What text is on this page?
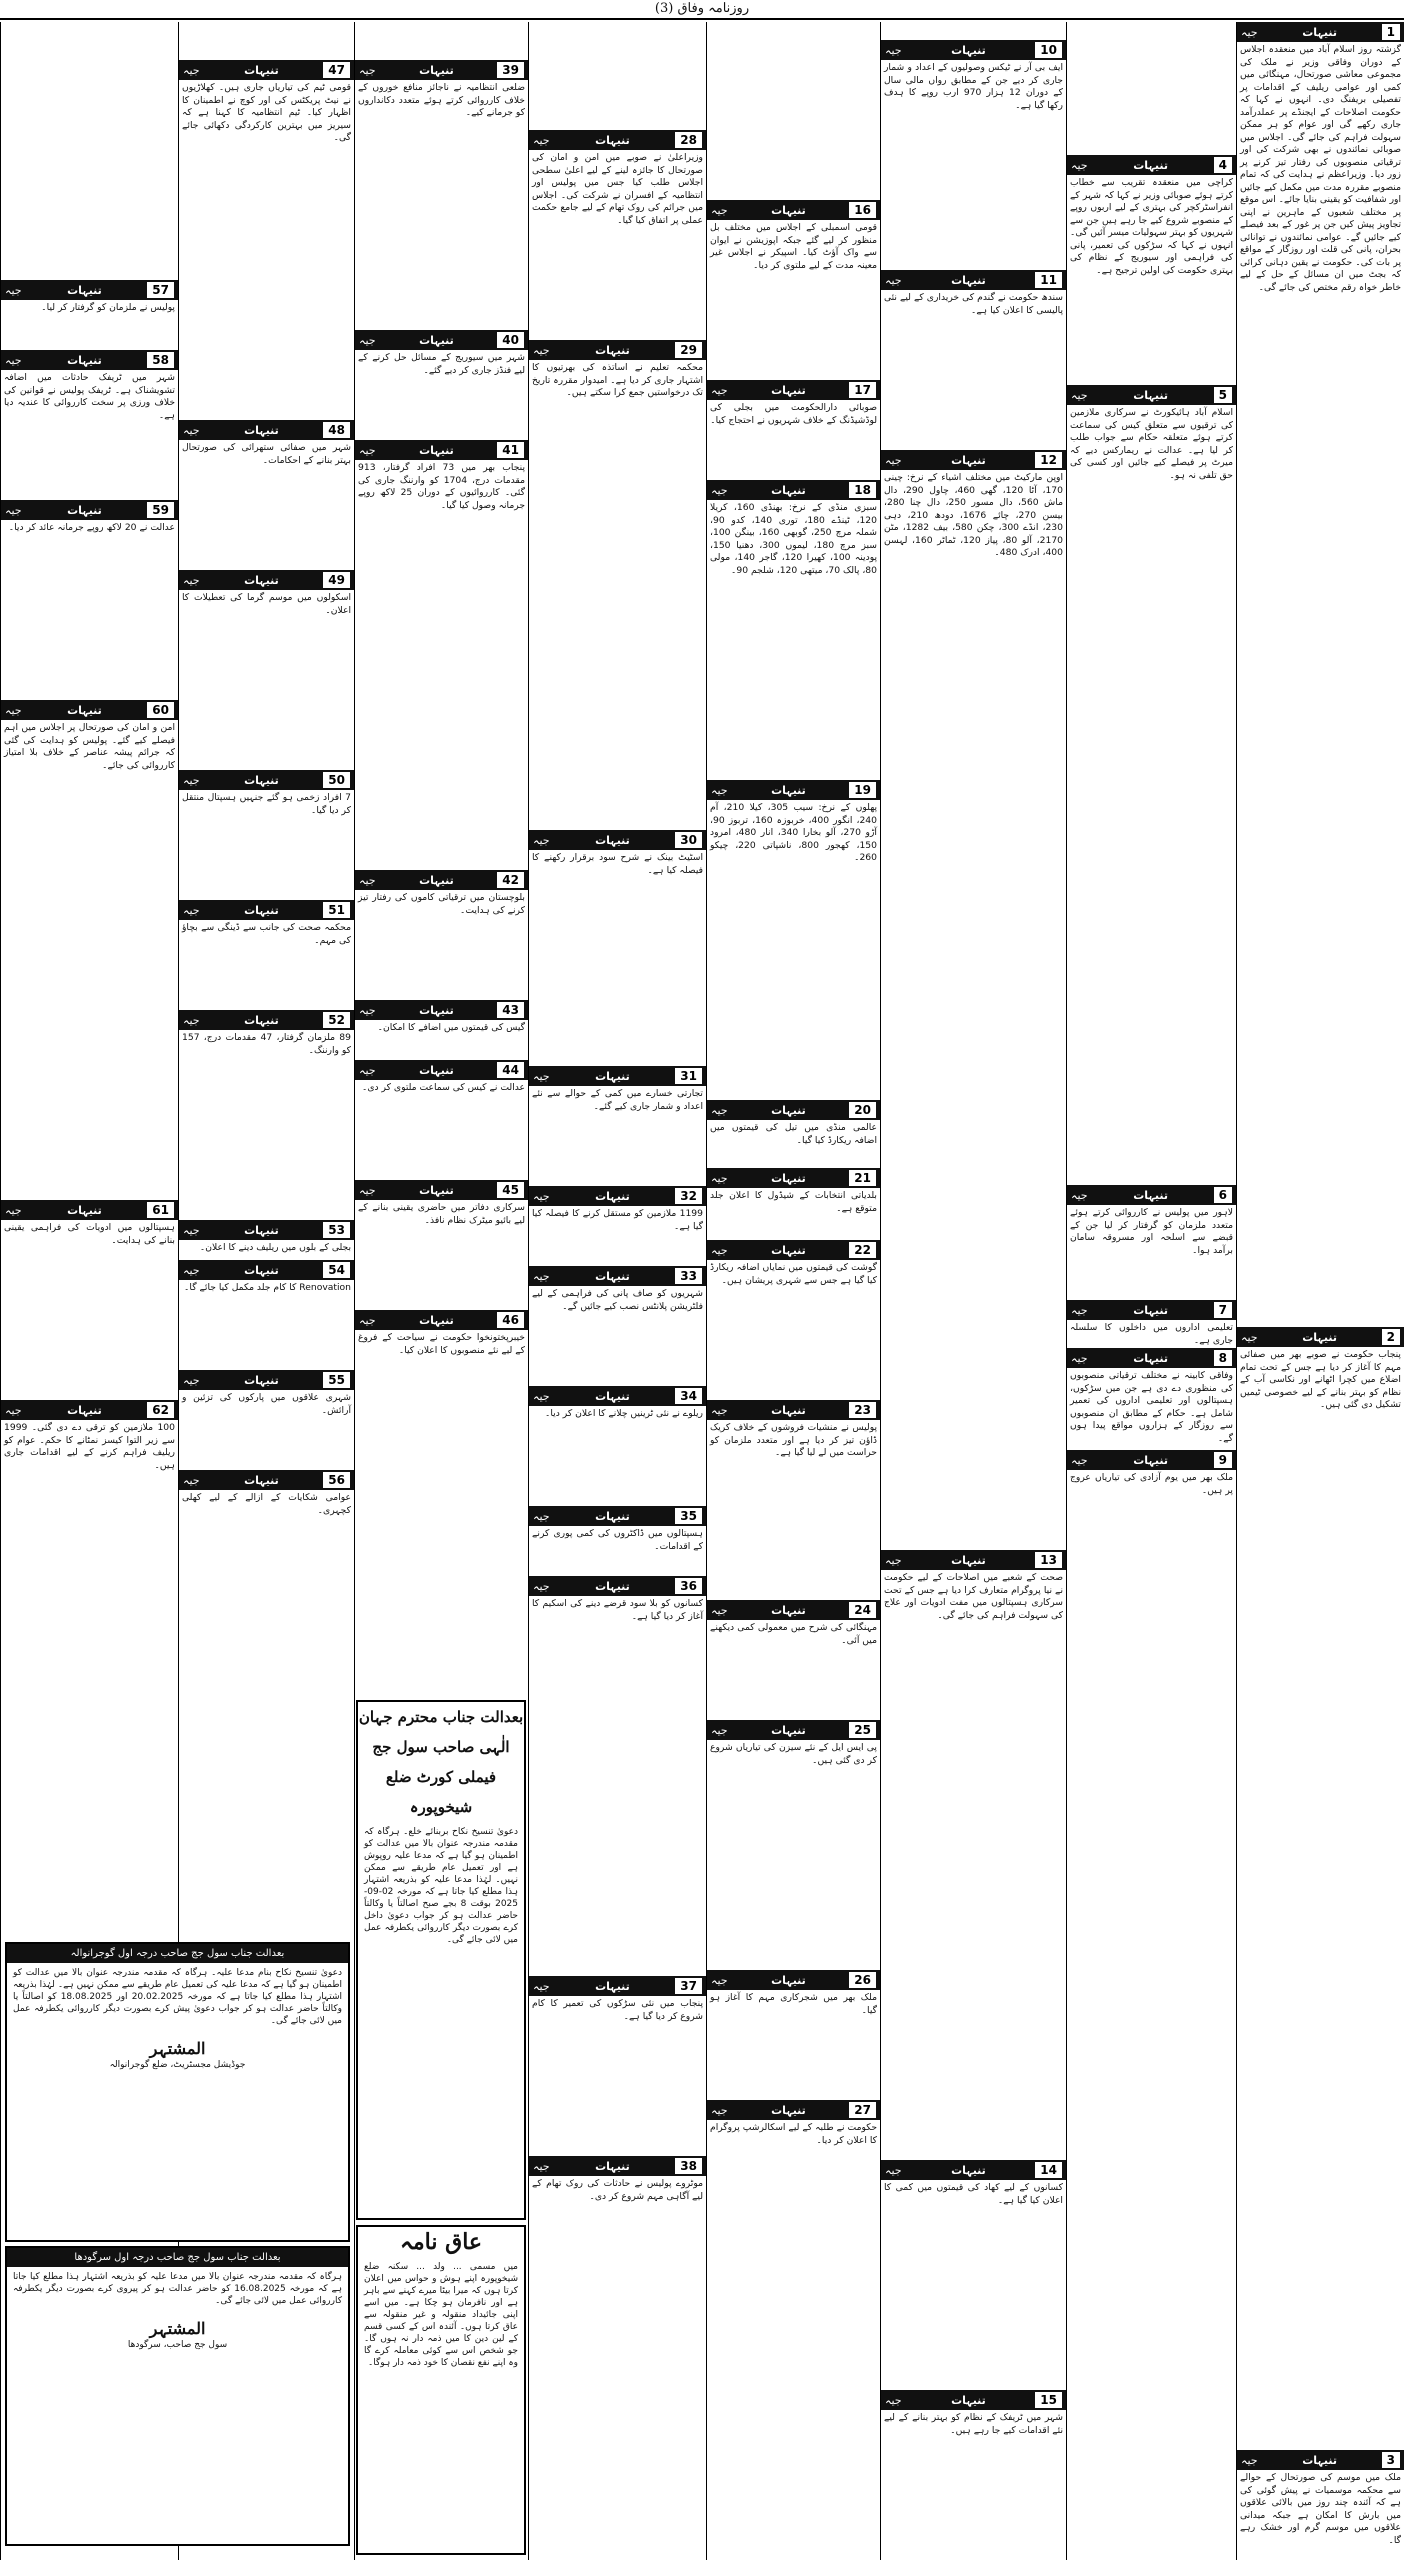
روزنامہ وفاق (3)
1
تنیہات
جیہ
گزشتہ روز اسلام آباد میں منعقدہ اجلاس کے دوران وفاقی وزیر نے ملک کی مجموعی معاشی صورتحال، مہنگائی میں کمی اور عوامی ریلیف کے اقدامات پر تفصیلی بریفنگ دی۔ انہوں نے کہا کہ حکومت اصلاحات کے ایجنڈے پر عملدرآمد جاری رکھے گی اور عوام کو ہر ممکن سہولت فراہم کی جائے گی۔ اجلاس میں صوبائی نمائندوں نے بھی شرکت کی اور ترقیاتی منصوبوں کی رفتار تیز کرنے پر زور دیا۔ وزیراعظم نے ہدایت کی کہ تمام منصوبے مقررہ مدت میں مکمل کیے جائیں اور شفافیت کو یقینی بنایا جائے۔ اس موقع پر مختلف شعبوں کے ماہرین نے اپنی تجاویز پیش کیں جن پر غور کے بعد فیصلے کیے جائیں گے۔ عوامی نمائندوں نے توانائی بحران، پانی کی قلت اور روزگار کے مواقع پر بات کی۔ حکومت نے یقین دہانی کرائی کہ بجٹ میں ان مسائل کے حل کے لیے خاطر خواہ رقم مختص کی جائے گی۔
2
تنیہات
جیہ
پنجاب حکومت نے صوبے بھر میں صفائی مہم کا آغاز کر دیا ہے جس کے تحت تمام اضلاع میں کچرا اٹھانے اور نکاسی آب کے نظام کو بہتر بنانے کے لیے خصوصی ٹیمیں تشکیل دی گئی ہیں۔
3
تنیہات
جیہ
ملک میں موسم کی صورتحال کے حوالے سے محکمہ موسمیات نے پیش گوئی کی ہے کہ آئندہ چند روز میں بالائی علاقوں میں بارش کا امکان ہے جبکہ میدانی علاقوں میں موسم گرم اور خشک رہے گا۔
4
تنیہات
جیہ
کراچی میں منعقدہ تقریب سے خطاب کرتے ہوئے صوبائی وزیر نے کہا کہ شہر کے انفراسٹرکچر کی بہتری کے لیے اربوں روپے کے منصوبے شروع کیے جا رہے ہیں جن سے شہریوں کو بہتر سہولیات میسر آئیں گی۔ انہوں نے کہا کہ سڑکوں کی تعمیر، پانی کی فراہمی اور سیوریج کے نظام کی بہتری حکومت کی اولین ترجیح ہے۔
5
تنیہات
جیہ
اسلام آباد ہائیکورٹ نے سرکاری ملازمین کی ترقیوں سے متعلق کیس کی سماعت کرتے ہوئے متعلقہ حکام سے جواب طلب کر لیا ہے۔ عدالت نے ریمارکس دیے کہ میرٹ پر فیصلے کیے جائیں اور کسی کی حق تلفی نہ ہو۔
6
تنیہات
جیہ
لاہور میں پولیس نے کارروائی کرتے ہوئے متعدد ملزمان کو گرفتار کر لیا جن کے قبضے سے اسلحہ اور مسروقہ سامان برآمد ہوا۔
7
تنیہات
جیہ
تعلیمی اداروں میں داخلوں کا سلسلہ جاری ہے۔
8
تنیہات
جیہ
وفاقی کابینہ نے مختلف ترقیاتی منصوبوں کی منظوری دے دی ہے جن میں سڑکوں، ہسپتالوں اور تعلیمی اداروں کی تعمیر شامل ہے۔ حکام کے مطابق ان منصوبوں سے روزگار کے ہزاروں مواقع پیدا ہوں گے۔
9
تنیہات
جیہ
ملک بھر میں یوم آزادی کی تیاریاں عروج پر ہیں۔
10
تنیہات
جیہ
ایف بی آر نے ٹیکس وصولیوں کے اعداد و شمار جاری کر دیے جن کے مطابق رواں مالی سال کے دوران 12 ہزار 970 ارب روپے کا ہدف رکھا گیا ہے۔
11
تنیہات
جیہ
سندھ حکومت نے گندم کی خریداری کے لیے نئی پالیسی کا اعلان کیا ہے۔
12
تنیہات
جیہ
اوپن مارکیٹ میں مختلف اشیاء کے نرخ: چینی 170، آٹا 120، گھی 460، چاول 290، دال ماش 560، دال مسور 250، دال چنا 280، بیسن 270، چائے 1676، دودھ 210، دہی 230، انڈے 300، چکن 580، بیف 1282، مٹن 2170، آلو 80، پیاز 120، ٹماٹر 160، لہسن 400، ادرک 480۔
13
تنیہات
جیہ
صحت کے شعبے میں اصلاحات کے لیے حکومت نے نیا پروگرام متعارف کرا دیا ہے جس کے تحت سرکاری ہسپتالوں میں مفت ادویات اور علاج کی سہولت فراہم کی جائے گی۔
14
تنیہات
جیہ
کسانوں کے لیے کھاد کی قیمتوں میں کمی کا اعلان کیا گیا ہے۔
15
تنیہات
جیہ
شہر میں ٹریفک کے نظام کو بہتر بنانے کے لیے نئے اقدامات کیے جا رہے ہیں۔
16
تنیہات
جیہ
قومی اسمبلی کے اجلاس میں مختلف بل منظور کر لیے گئے جبکہ اپوزیشن نے ایوان سے واک آؤٹ کیا۔ اسپیکر نے اجلاس غیر معینہ مدت کے لیے ملتوی کر دیا۔
17
تنیہات
جیہ
صوبائی دارالحکومت میں بجلی کی لوڈشیڈنگ کے خلاف شہریوں نے احتجاج کیا۔
18
تنیہات
جیہ
سبزی منڈی کے نرخ: بھنڈی 160، کریلا 120، ٹینڈے 180، توری 140، کدو 90، شملہ مرچ 250، گوبھی 160، بینگن 100، سبز مرچ 180، لیموں 300، دھنیا 150، پودینہ 100، کھیرا 120، گاجر 140، مولی 80، پالک 70، میتھی 120، شلجم 90۔
19
تنیہات
جیہ
پھلوں کے نرخ: سیب 305، کیلا 210، آم 240، انگور 400، خربوزہ 160، تربوز 90، آڑو 270، آلو بخارا 340، انار 480، امرود 150، کھجور 800، ناشپاتی 220، چیکو 260۔
20
تنیہات
جیہ
عالمی منڈی میں تیل کی قیمتوں میں اضافہ ریکارڈ کیا گیا۔
21
تنیہات
جیہ
بلدیاتی انتخابات کے شیڈول کا اعلان جلد متوقع ہے۔
22
تنیہات
جیہ
گوشت کی قیمتوں میں نمایاں اضافہ ریکارڈ کیا گیا ہے جس سے شہری پریشان ہیں۔
23
تنیہات
جیہ
پولیس نے منشیات فروشوں کے خلاف کریک ڈاؤن تیز کر دیا ہے اور متعدد ملزمان کو حراست میں لے لیا گیا ہے۔
24
تنیہات
جیہ
مہنگائی کی شرح میں معمولی کمی دیکھنے میں آئی۔
25
تنیہات
جیہ
پی ایس ایل کے نئے سیزن کی تیاریاں شروع کر دی گئی ہیں۔
26
تنیہات
جیہ
ملک بھر میں شجرکاری مہم کا آغاز ہو گیا۔
27
تنیہات
جیہ
حکومت نے طلبہ کے لیے اسکالرشپ پروگرام کا اعلان کر دیا۔
28
تنیہات
جیہ
وزیراعلیٰ نے صوبے میں امن و امان کی صورتحال کا جائزہ لینے کے لیے اعلیٰ سطحی اجلاس طلب کیا جس میں پولیس اور انتظامیہ کے افسران نے شرکت کی۔ اجلاس میں جرائم کی روک تھام کے لیے جامع حکمت عملی پر اتفاق کیا گیا۔
29
تنیہات
جیہ
محکمہ تعلیم نے اساتذہ کی بھرتیوں کا اشتہار جاری کر دیا ہے۔ امیدوار مقررہ تاریخ تک درخواستیں جمع کرا سکتے ہیں۔
30
تنیہات
جیہ
اسٹیٹ بینک نے شرح سود برقرار رکھنے کا فیصلہ کیا ہے۔
31
تنیہات
جیہ
تجارتی خسارے میں کمی کے حوالے سے نئے اعداد و شمار جاری کیے گئے۔
32
تنیہات
جیہ
1199 ملازمین کو مستقل کرنے کا فیصلہ کیا گیا ہے۔
33
تنیہات
جیہ
شہریوں کو صاف پانی کی فراہمی کے لیے فلٹریشن پلانٹس نصب کیے جائیں گے۔
34
تنیہات
جیہ
ریلوے نے نئی ٹرینیں چلانے کا اعلان کر دیا۔
35
تنیہات
جیہ
ہسپتالوں میں ڈاکٹروں کی کمی پوری کرنے کے اقدامات۔
36
تنیہات
جیہ
کسانوں کو بلا سود قرضے دینے کی اسکیم کا آغاز کر دیا گیا ہے۔
37
تنیہات
جیہ
پنجاب میں نئی سڑکوں کی تعمیر کا کام شروع کر دیا گیا ہے۔
38
تنیہات
جیہ
موٹروے پولیس نے حادثات کی روک تھام کے لیے آگاہی مہم شروع کر دی۔
39
تنیہات
جیہ
ضلعی انتظامیہ نے ناجائز منافع خوروں کے خلاف کارروائی کرتے ہوئے متعدد دکانداروں کو جرمانے کیے۔
40
تنیہات
جیہ
شہر میں سیوریج کے مسائل حل کرنے کے لیے فنڈز جاری کر دیے گئے۔
41
تنیہات
جیہ
پنجاب بھر میں 73 افراد گرفتار، 913 مقدمات درج، 1704 کو وارننگ جاری کی گئی۔ کارروائیوں کے دوران 25 لاکھ روپے جرمانہ وصول کیا گیا۔
42
تنیہات
جیہ
بلوچستان میں ترقیاتی کاموں کی رفتار تیز کرنے کی ہدایت۔
43
تنیہات
جیہ
گیس کی قیمتوں میں اضافے کا امکان۔
44
تنیہات
جیہ
عدالت نے کیس کی سماعت ملتوی کر دی۔
45
تنیہات
جیہ
سرکاری دفاتر میں حاضری یقینی بنانے کے لیے بائیو میٹرک نظام نافذ۔
46
تنیہات
جیہ
خیبرپختونخوا حکومت نے سیاحت کے فروغ کے لیے نئے منصوبوں کا اعلان کیا۔
47
تنیہات
جیہ
قومی ٹیم کی تیاریاں جاری ہیں۔ کھلاڑیوں نے نیٹ پریکٹس کی اور کوچ نے اطمینان کا اظہار کیا۔ ٹیم انتظامیہ کا کہنا ہے کہ سیریز میں بہترین کارکردگی دکھائی جائے گی۔
48
تنیہات
جیہ
شہر میں صفائی ستھرائی کی صورتحال بہتر بنانے کے احکامات۔
49
تنیہات
جیہ
اسکولوں میں موسم گرما کی تعطیلات کا اعلان۔
50
تنیہات
جیہ
7 افراد زخمی ہو گئے جنہیں ہسپتال منتقل کر دیا گیا۔
51
تنیہات
جیہ
محکمہ صحت کی جانب سے ڈینگی سے بچاؤ کی مہم۔
52
تنیہات
جیہ
89 ملزمان گرفتار، 47 مقدمات درج، 157 کو وارننگ۔
53
تنیہات
جیہ
بجلی کے بلوں میں ریلیف دینے کا اعلان۔
54
تنیہات
جیہ
Renovation کا کام جلد مکمل کیا جائے گا۔
55
تنیہات
جیہ
شہری علاقوں میں پارکوں کی تزئین و آرائش۔
56
تنیہات
جیہ
عوامی شکایات کے ازالے کے لیے کھلی کچہری۔
57
تنیہات
جیہ
پولیس نے ملزمان کو گرفتار کر لیا۔
58
تنیہات
جیہ
شہر میں ٹریفک حادثات میں اضافہ تشویشناک ہے۔ ٹریفک پولیس نے قوانین کی خلاف ورزی پر سخت کارروائی کا عندیہ دیا ہے۔
59
تنیہات
جیہ
عدالت نے 20 لاکھ روپے جرمانہ عائد کر دیا۔
60
تنیہات
جیہ
امن و امان کی صورتحال پر اجلاس میں اہم فیصلے کیے گئے۔ پولیس کو ہدایت کی گئی کہ جرائم پیشہ عناصر کے خلاف بلا امتیاز کارروائی کی جائے۔
61
تنیہات
جیہ
ہسپتالوں میں ادویات کی فراہمی یقینی بنانے کی ہدایت۔
62
تنیہات
جیہ
100 ملازمین کو ترقی دے دی گئی۔ 1999 سے زیر التوا کیسز نمٹانے کا حکم۔ عوام کو ریلیف فراہم کرنے کے لیے اقدامات جاری ہیں۔
بعدالت جناب سول جج صاحب درجہ اول گوجرانوالہ
دعویٰ تنسیخ نکاح بنام مدعا علیہ۔ ہرگاہ کہ مقدمہ مندرجہ عنوان بالا میں عدالت کو اطمینان ہو گیا ہے کہ مدعا علیہ کی تعمیل عام طریقے سے ممکن نہیں ہے۔ لہٰذا بذریعہ اشتہار ہذا مطلع کیا جاتا ہے کہ مورخہ 20.02.2025 اور 18.08.2025 کو اصالتاً یا وکالتاً حاضر عدالت ہو کر جواب دعویٰ پیش کرے بصورت دیگر کارروائی یکطرفہ عمل میں لائی جائے گی۔
المشتہر
جوڈیشل مجسٹریٹ، ضلع گوجرانوالہ
بعدالت جناب سول جج صاحب درجہ اول سرگودھا
ہرگاہ کہ مقدمہ مندرجہ عنوان بالا میں مدعا علیہ کو بذریعہ اشتہار ہذا مطلع کیا جاتا ہے کہ مورخہ 16.08.2025 کو حاضر عدالت ہو کر پیروی کرے بصورت دیگر یکطرفہ کارروائی عمل میں لائی جائے گی۔
المشتہر
سول جج صاحب، سرگودھا
بعدالت جناب محترم جہان الٰہی صاحب سول جج فیملی کورٹ ضلع شیخوپورہ
دعویٰ تنسیخ نکاح بربنائے خلع۔ ہرگاہ کہ مقدمہ مندرجہ عنوان بالا میں عدالت کو اطمینان ہو گیا ہے کہ مدعا علیہ روپوش ہے اور تعمیل عام طریقے سے ممکن نہیں۔ لہٰذا مدعا علیہ کو بذریعہ اشتہار ہذا مطلع کیا جاتا ہے کہ مورخہ 02-09-2025 بوقت 8 بجے صبح اصالتاً یا وکالتاً حاضر عدالت ہو کر جواب دعویٰ داخل کرے بصورت دیگر کارروائی یکطرفہ عمل میں لائی جائے گی۔
عاق نامہ
میں مسمی ... ولد ... سکنہ ضلع شیخوپورہ اپنے ہوش و حواس میں اعلان کرتا ہوں کہ میرا بیٹا میرے کہنے سے باہر ہے اور نافرمان ہو چکا ہے۔ میں اسے اپنی جائیداد منقولہ و غیر منقولہ سے عاق کرتا ہوں۔ آئندہ اس کے کسی قسم کے لین دین کا میں ذمہ دار نہ ہوں گا۔ جو شخص اس سے کوئی معاملہ کرے گا وہ اپنے نفع نقصان کا خود ذمہ دار ہوگا۔
